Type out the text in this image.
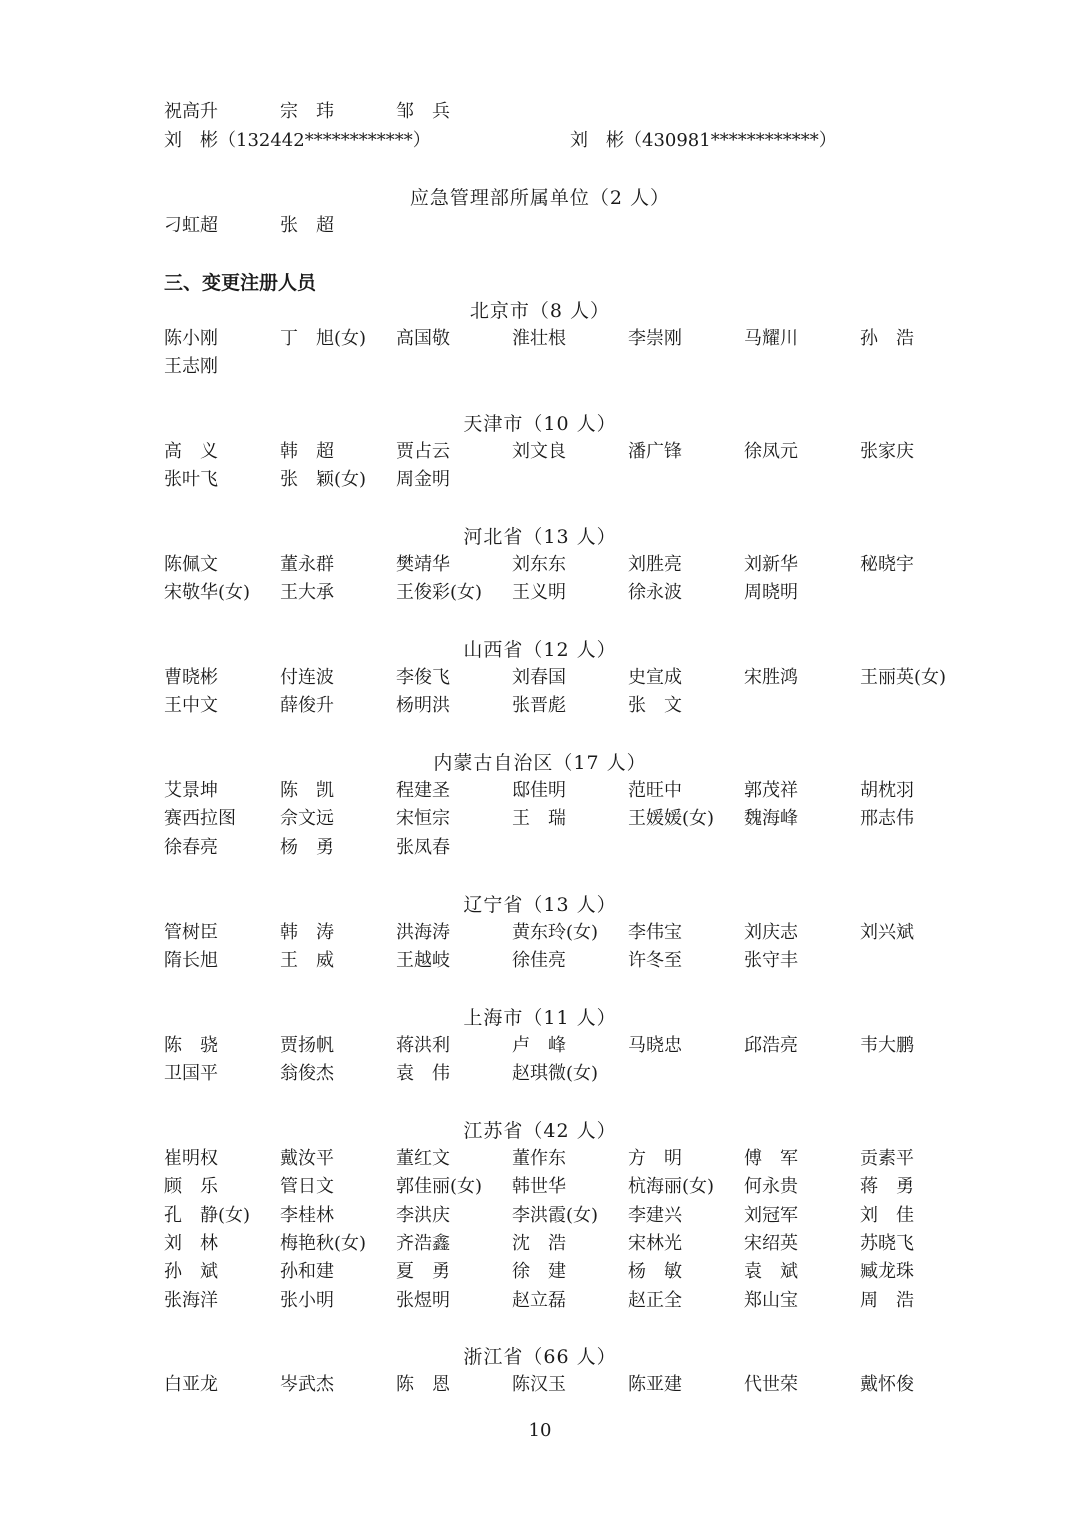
祝高升	宗　玮	邹　兵
刘　彬（132442************）	刘　彬（430981************）
应急管理部所属单位（2 人）
刁虹超	张　超
三、变更注册人员
北京市（8 人）
陈小刚	丁　旭(女) 高国敬	淮壮根	李崇刚	马耀川	孙　浩
王志刚
天津市（10 人）
高　义	韩　超	贾占云	刘文良	潘广锋	徐凤元	张家庆
张叶飞	张　颖(女) 周金明
河北省（13 人）
陈佩文	董永群	樊靖华	刘东东	刘胜亮	刘新华	秘晓宇
宋敬华(女) 王大承	王俊彩(女) 王义明	徐永波	周晓明
山西省（12 人）
曹晓彬	付连波	李俊飞	刘春国	史宣成	宋胜鸿	王丽英(女)
王中文	薛俊升	杨明洪	张晋彪	张　文
内蒙古自治区（17 人）
艾景坤	陈　凯	程建圣	邸佳明	范旺中	郭茂祥	胡枕羽
赛西拉图 佘文远	宋恒宗	王　瑞	王媛媛(女) 魏海峰	邢志伟
徐春亮	杨　勇	张凤春
辽宁省（13 人）
管树臣	韩　涛	洪海涛	黄东玲(女) 李伟宝	刘庆志	刘兴斌
隋长旭	王　威	王越岐	徐佳亮	许冬至	张守丰
上海市（11 人）
陈　骁	贾扬帆	蒋洪利	卢　峰	马晓忠	邱浩亮	韦大鹏
卫国平	翁俊杰	袁　伟	赵琪微(女)
江苏省（42 人）
崔明权	戴汝平	董红文	董作东	方　明	傅　军	贡素平
顾　乐	管日文	郭佳丽(女) 韩世华	杭海丽(女) 何永贵	蒋　勇
孔　静(女) 李桂林	李洪庆	李洪霞(女) 李建兴	刘冠军	刘　佳
刘　林	梅艳秋(女) 齐浩鑫	沈　浩	宋林光	宋绍英	苏晓飞
孙　斌	孙和建	夏　勇	徐　建	杨　敏	袁　斌	臧龙珠
张海洋	张小明	张煜明	赵立磊	赵正全	郑山宝	周　浩
浙江省（66 人）
白亚龙	岑武杰	陈　恩	陈汉玉	陈亚建	代世荣	戴怀俊
10
